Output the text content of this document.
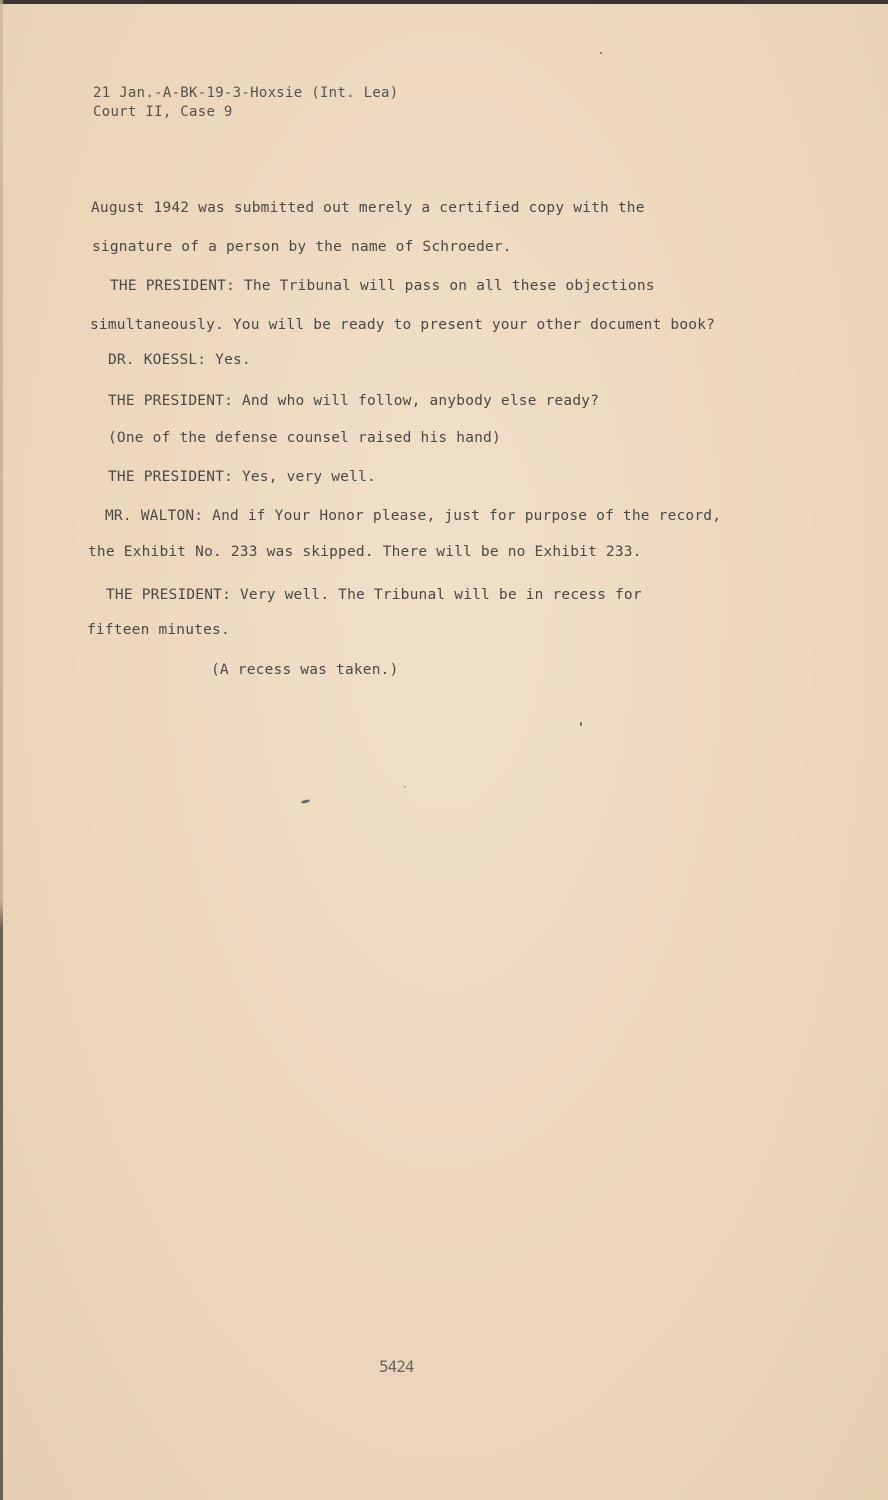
21 Jan.-A-BK-19-3-Hoxsie (Int. Lea)
Court II, Case 9
August 1942 was submitted out merely a certified copy with the
signature of a person by the name of Schroeder.
THE PRESIDENT: The Tribunal will pass on all these objections
simultaneously. You will be ready to present your other document book?
DR. KOESSL: Yes.
THE PRESIDENT: And who will follow, anybody else ready?
(One of the defense counsel raised his hand)
THE PRESIDENT: Yes, very well.
MR. WALTON: And if Your Honor please, just for purpose of the record,
the Exhibit No. 233 was skipped. There will be no Exhibit 233.
THE PRESIDENT: Very well. The Tribunal will be in recess for
fifteen minutes.
(A recess was taken.)
5424
